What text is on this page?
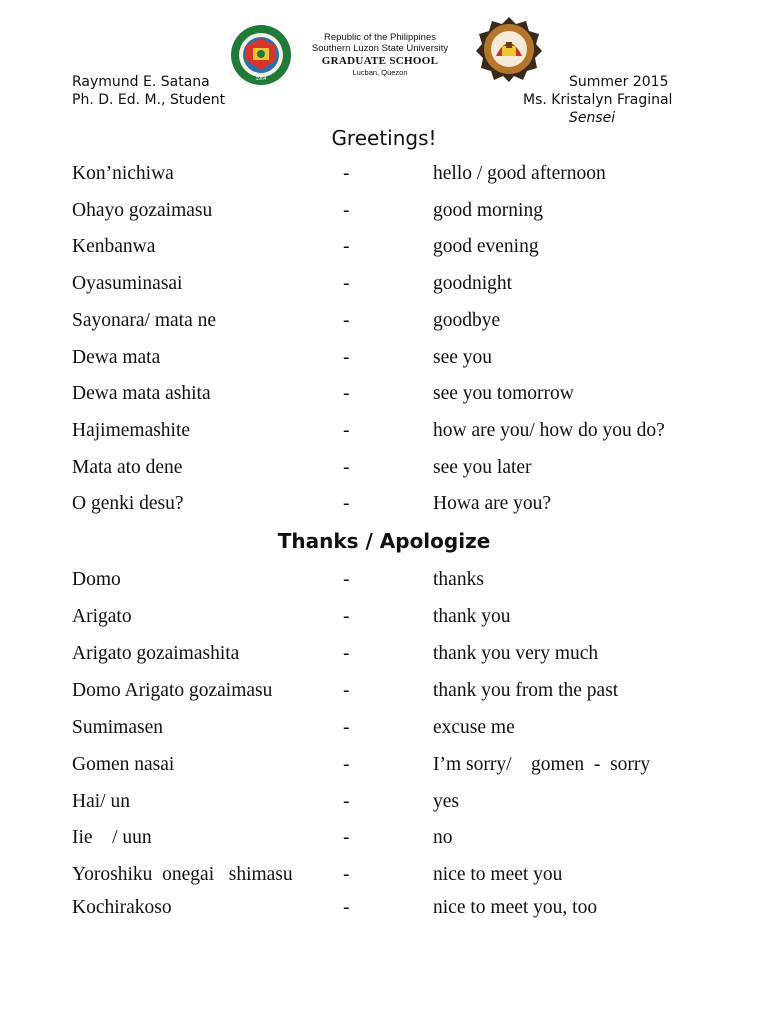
1964
Republic of the Philippines
Southern Luzon State University
GRADUATE SCHOOL
Lucban, Quezon
Raymund E. Satana
Ph. D. Ed. M., Student
Summer 2015
Ms. Kristalyn Fraginal
Sensei
Greetings!
Kon’nichiwa	-	hello / good afternoon
Ohayo gozaimasu	-	good morning
Kenbanwa	-	good evening
Oyasuminasai	-	goodnight
Sayonara/ mata ne	-	goodbye
Dewa mata	-	see you
Dewa mata ashita	-	see you tomorrow
Hajimemashite	-	how are you/ how do you do?
Mata ato dene	-	see you later
O genki desu?	-	Howa are you?
Thanks / Apologize
Domo	-	thanks
Arigato	-	thank you
Arigato gozaimashita	-	thank you very much
Domo Arigato gozaimasu	-	thank you from the past
Sumimasen	-	excuse me
Gomen nasai	-	I’m sorry/    gomen  -  sorry
Hai/ un	-	yes
Iie    / uun	-	no
Yoroshiku  onegai   shimasu	-	nice to meet you
Kochirakoso	-	nice to meet you, too
